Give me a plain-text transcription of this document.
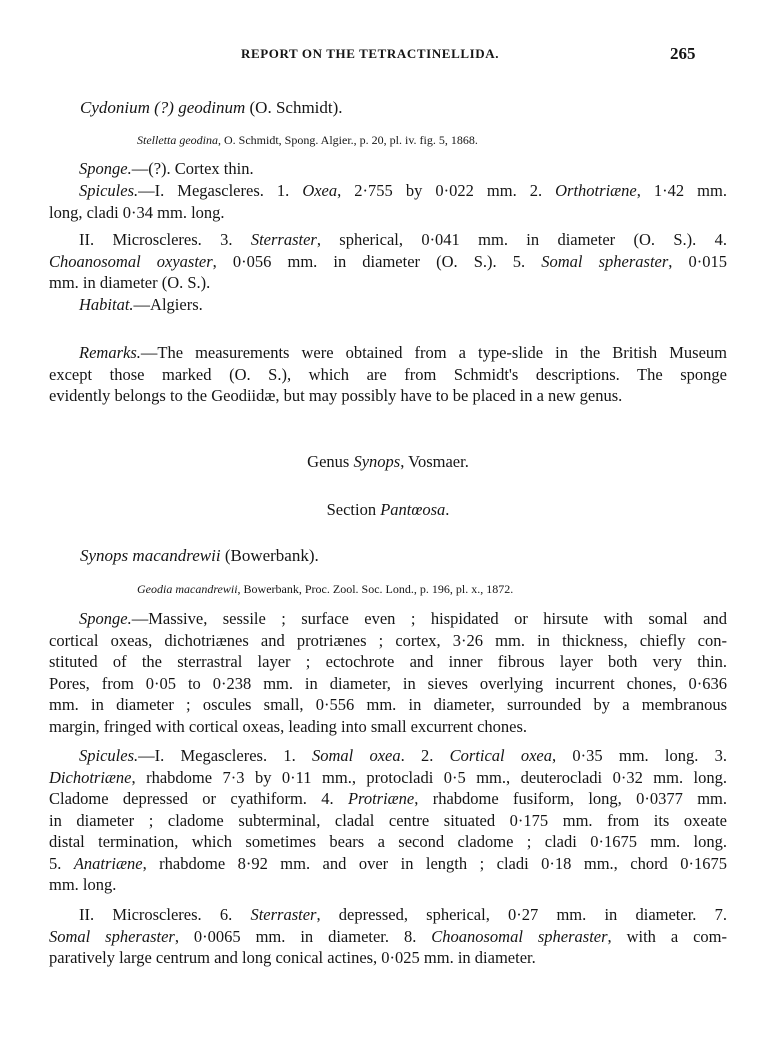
REPORT ON THE TETRACTINELLIDA.	265
Cydonium (?) geodinum (O. Schmidt).
Stelletta geodina, O. Schmidt, Spong. Algier., p. 20, pl. iv. fig. 5, 1868.
Sponge.—(?). Cortex thin.
Spicules.—I. Megascleres. 1. Oxea, 2·755 by 0·022 mm. 2. Orthotriæne, 1·42 mm.
long, cladi 0·34 mm. long.
II. Microscleres. 3. Sterraster, spherical, 0·041 mm. in diameter (O. S.). 4.
Choanosomal oxyaster, 0·056 mm. in diameter (O. S.). 5. Somal spheraster, 0·015
mm. in diameter (O. S.).
Habitat.—Algiers.
Remarks.—The measurements were obtained from a type-slide in the British Museum
except those marked (O. S.), which are from Schmidt's descriptions. The sponge
evidently belongs to the Geodiidæ, but may possibly have to be placed in a new genus.
Genus Synops, Vosmaer.
Section Pantœosa.
Synops macandrewii (Bowerbank).
Geodia macandrewii, Bowerbank, Proc. Zool. Soc. Lond., p. 196, pl. x., 1872.
Sponge.—Massive, sessile ; surface even ; hispidated or hirsute with somal and
cortical oxeas, dichotriænes and protriænes ; cortex, 3·26 mm. in thickness, chiefly con-
stituted of the sterrastral layer ; ectochrote and inner fibrous layer both very thin.
Pores, from 0·05 to 0·238 mm. in diameter, in sieves overlying incurrent chones, 0·636
mm. in diameter ; oscules small, 0·556 mm. in diameter, surrounded by a membranous
margin, fringed with cortical oxeas, leading into small excurrent chones.
Spicules.—I. Megascleres. 1. Somal oxea. 2. Cortical oxea, 0·35 mm. long. 3.
Dichotriæne, rhabdome 7·3 by 0·11 mm., protocladi 0·5 mm., deuterocladi 0·32 mm. long.
Cladome depressed or cyathiform. 4. Protriæne, rhabdome fusiform, long, 0·0377 mm.
in diameter ; cladome subterminal, cladal centre situated 0·175 mm. from its oxeate
distal termination, which sometimes bears a second cladome ; cladi 0·1675 mm. long.
5. Anatriæne, rhabdome 8·92 mm. and over in length ; cladi 0·18 mm., chord 0·1675
mm. long.
II. Microscleres. 6. Sterraster, depressed, spherical, 0·27 mm. in diameter. 7.
Somal spheraster, 0·0065 mm. in diameter. 8. Choanosomal spheraster, with a com-
paratively large centrum and long conical actines, 0·025 mm. in diameter.
